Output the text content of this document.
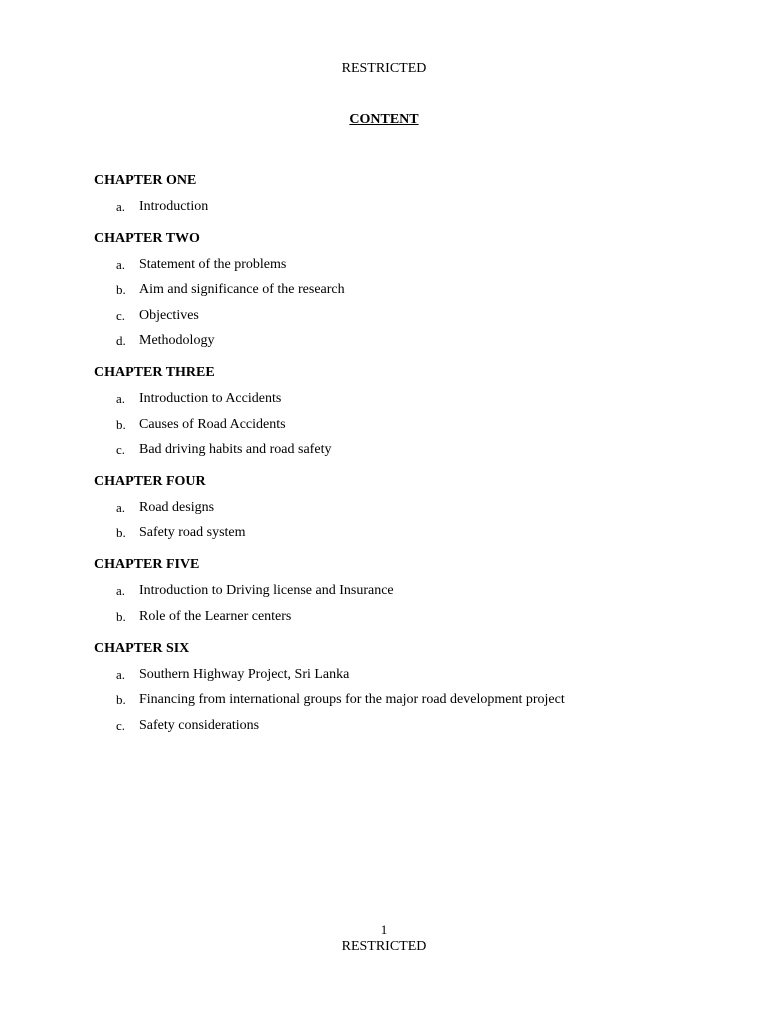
RESTRICTED
CONTENT
CHAPTER ONE
a. Introduction
CHAPTER TWO
a. Statement of the problems
b. Aim and significance of the research
c. Objectives
d. Methodology
CHAPTER THREE
a. Introduction to Accidents
b. Causes of Road Accidents
c. Bad driving habits and road safety
CHAPTER FOUR
a. Road designs
b. Safety road system
CHAPTER FIVE
a. Introduction to Driving license and Insurance
b. Role of the Learner centers
CHAPTER SIX
a. Southern Highway Project, Sri Lanka
b. Financing from international groups for the major road development project
c. Safety considerations
1
RESTRICTED
